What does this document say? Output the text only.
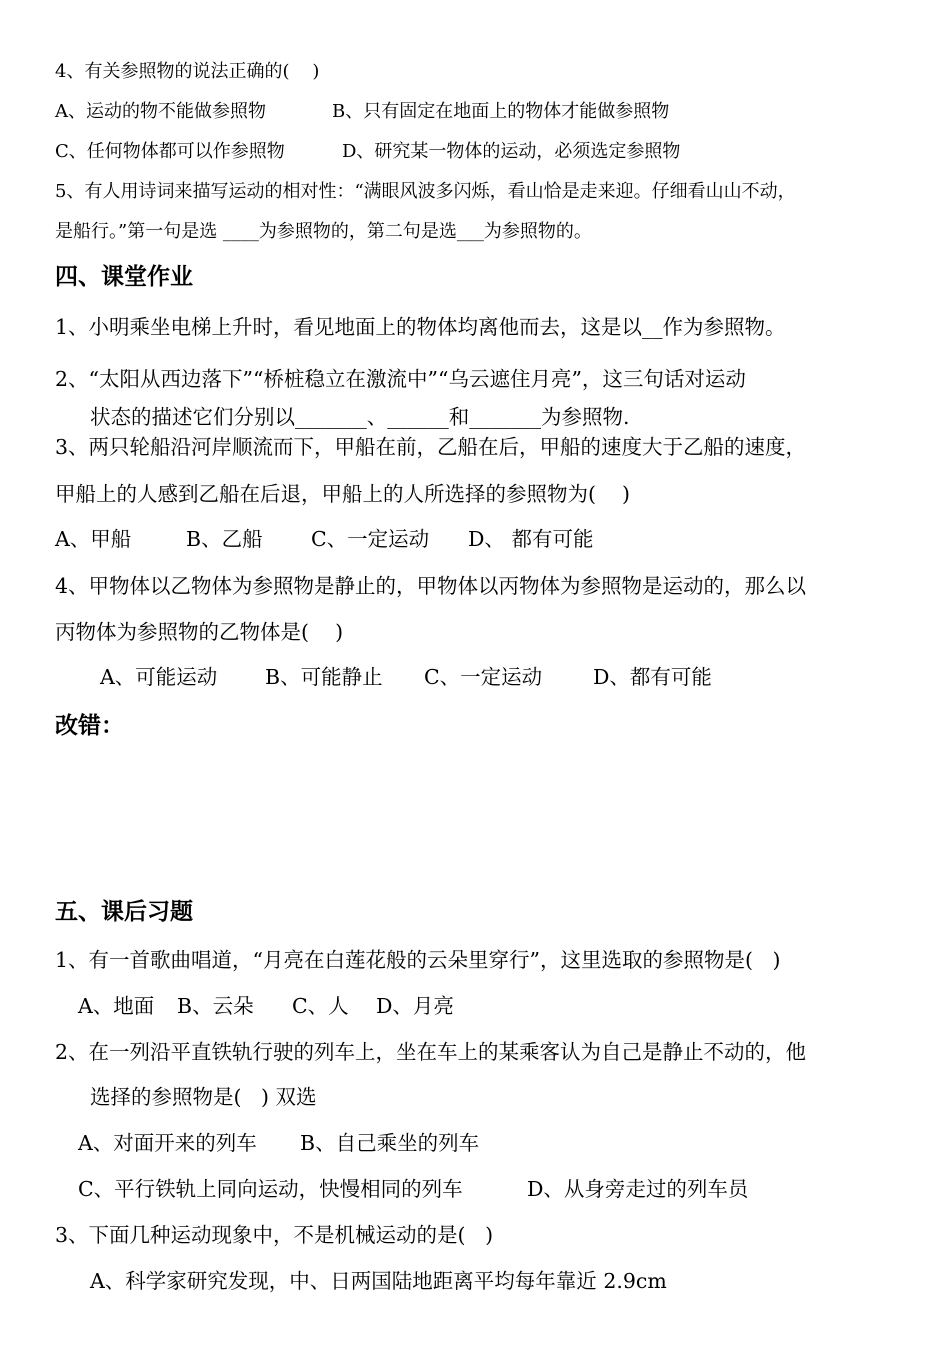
4、有关参照物的说法正确的(    )
A、运动的物不能做参照物	B、只有固定在地面上的物体才能做参照物
C、任何物体都可以作参照物	D、研究某一物体的运动，必须选定参照物
5、有人用诗词来描写运动的相对性：“满眼风波多闪烁，看山恰是走来迎。仔细看山山不动，
是船行。”第一句是选 ____为参照物的，第二句是选___为参照物的。
四、课堂作业
1、小明乘坐电梯上升时，看见地面上的物体均离他而去，这是以__作为参照物。
2、“太阳从西边落下”“桥桩稳立在激流中”“乌云遮住月亮”，这三句话对运动
状态的描述它们分别以_______、______和_______为参照物.
3、两只轮船沿河岸顺流而下，甲船在前，乙船在后，甲船的速度大于乙船的速度，
甲船上的人感到乙船在后退，甲船上的人所选择的参照物为(    )
A、甲船	B、乙船 C、一定运动 D、 都有可能
4、甲物体以乙物体为参照物是静止的，甲物体以丙物体为参照物是运动的，那么以
丙物体为参照物的乙物体是(    )
A、可能运动 B、可能静止 C、一定运动 D、都有可能
改错：
五、课后习题
1、有一首歌曲唱道，“月亮在白莲花般的云朵里穿行”，这里选取的参照物是(   )
A、地面 B、云朵 C、人 D、月亮
2、在一列沿平直铁轨行驶的列车上，坐在车上的某乘客认为自己是静止不动的，他
选择的参照物是(   ) 双选
A、对面开来的列车 B、自己乘坐的列车
C、平行铁轨上同向运动，快慢相同的列车	D、从身旁走过的列车员
3、下面几种运动现象中，不是机械运动的是(   )
A、科学家研究发现，中、日两国陆地距离平均每年靠近 2.9cm
